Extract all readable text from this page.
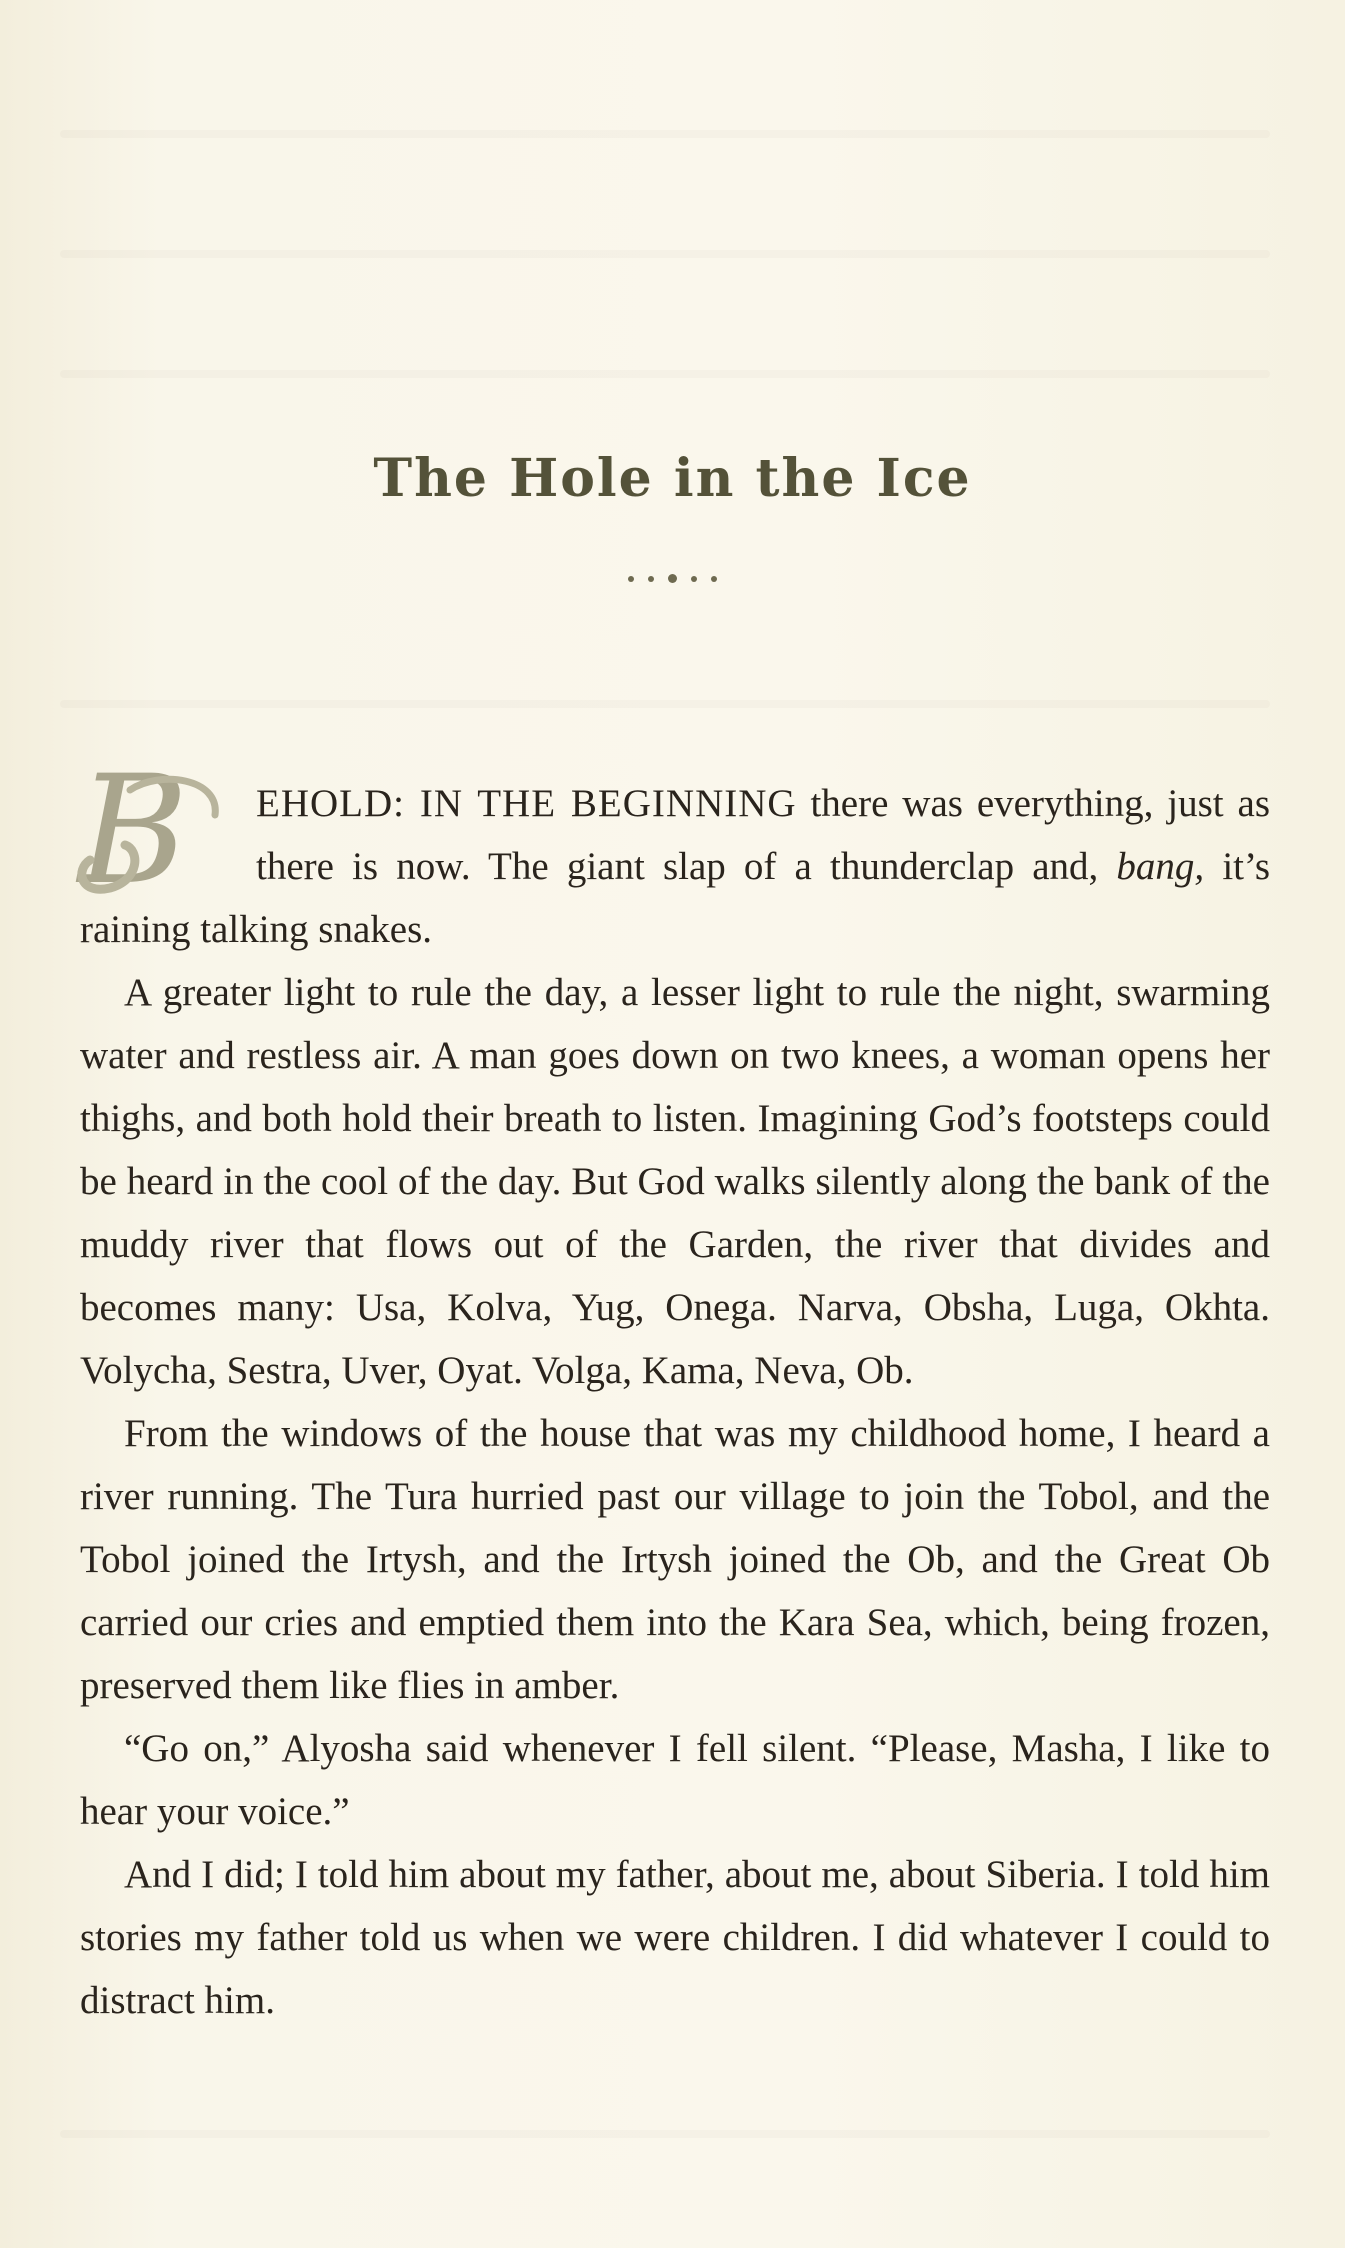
The Hole in the Ice

B EHOLD: IN THE BEGINNING there was everything, just as there is now. The giant slap of a thunderclap and, bang, it’s raining talking snakes.

A greater light to rule the day, a lesser light to rule the night, swarming water and restless air. A man goes down on two knees, a woman opens her thighs, and both hold their breath to listen. Imagining God’s footsteps could be heard in the cool of the day. But God walks silently along the bank of the muddy river that flows out of the Garden, the river that divides and becomes many: Usa, Kolva, Yug, Onega. Narva, Obsha, Luga, Okhta. Volycha, Sestra, Uver, Oyat. Volga, Kama, Neva, Ob.

From the windows of the house that was my childhood home, I heard a river running. The Tura hurried past our village to join the Tobol, and the Tobol joined the Irtysh, and the Irtysh joined the Ob, and the Great Ob carried our cries and emptied them into the Kara Sea, which, being frozen, preserved them like flies in amber.

“Go on,” Alyosha said whenever I fell silent. “Please, Masha, I like to hear your voice.”

And I did; I told him about my father, about me, about Siberia. I told him stories my father told us when we were children. I did whatever I could to distract him.
